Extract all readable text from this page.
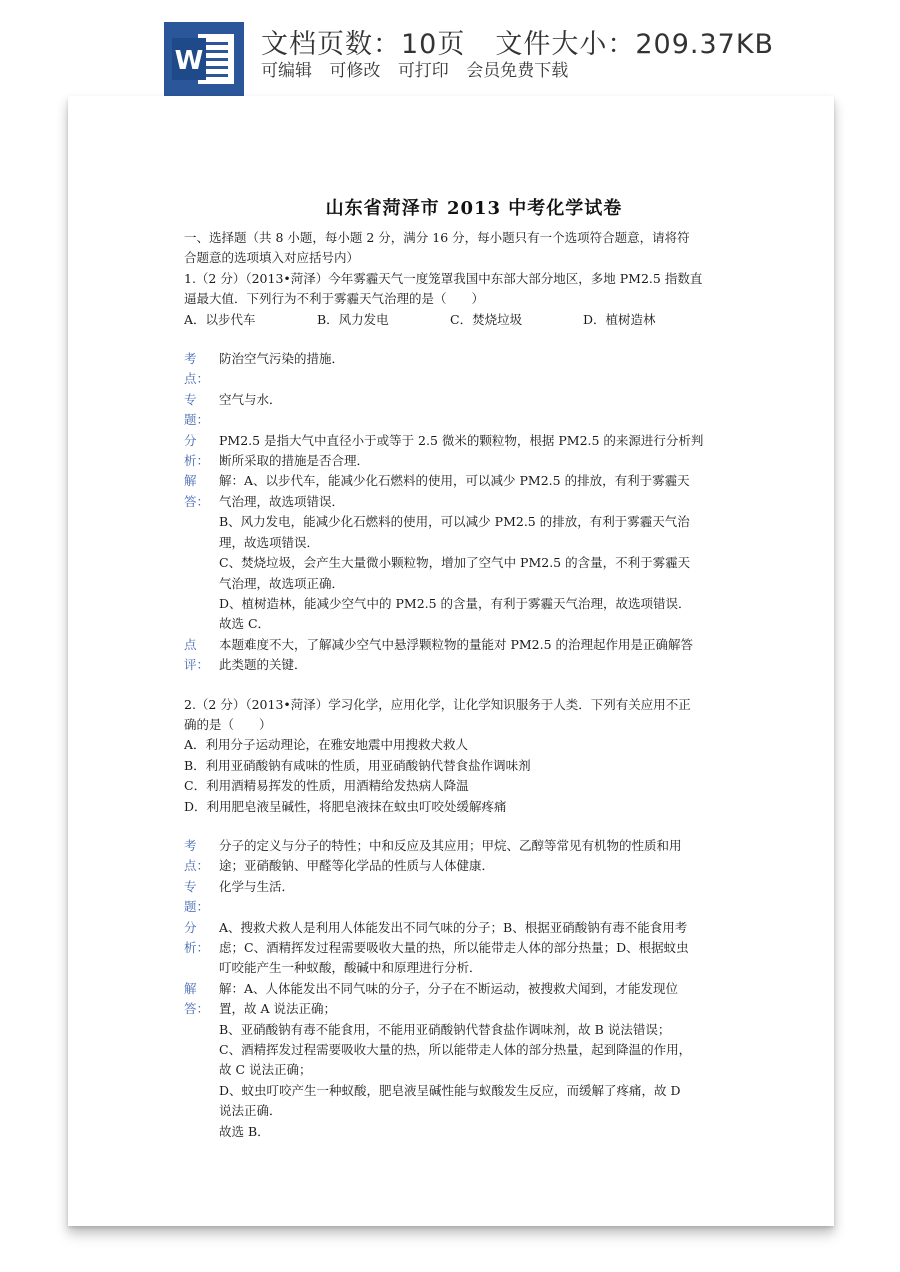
W
文档页数：10页 文件大小：209.37KB
可编辑 可修改 可打印 会员免费下载
山东省菏泽市 2013 中考化学试卷
一、选择题（共 8 小题，每小题 2 分，满分 16 分，每小题只有一个选项符合题意，请将符
合题意的选项填入对应括号内）
1.（2 分）（2013•菏泽）今年雾霾天气一度笼罩我国中东部大部分地区，多地 PM2.5 指数直
逼最大值．下列行为不利于雾霾天气治理的是（　　）
A．以步代车	B．风力发电	C．焚烧垃圾	D．植树造林
考点：
防治空气污染的措施．
专题：
空气与水．
分析：
PM2.5 是指大气中直径小于或等于 2.5 微米的颗粒物，根据 PM2.5 的来源进行分析判
断所采取的措施是否合理．
解答：
解：A、以步代车，能减少化石燃料的使用，可以减少 PM2.5 的排放，有利于雾霾天
气治理，故选项错误．
B、风力发电，能减少化石燃料的使用，可以减少 PM2.5 的排放，有利于雾霾天气治
理，故选项错误．
C、焚烧垃圾，会产生大量微小颗粒物，增加了空气中 PM2.5 的含量，不利于雾霾天
气治理，故选项正确．
D、植树造林，能减少空气中的 PM2.5 的含量，有利于雾霾天气治理，故选项错误．
故选 C．
点评：
本题难度不大，了解减少空气中悬浮颗粒物的量能对 PM2.5 的治理起作用是正确解答
此类题的关键．
2.（2 分）（2013•菏泽）学习化学，应用化学，让化学知识服务于人类．下列有关应用不正
确的是（　　）
A．利用分子运动理论，在雅安地震中用搜救犬救人
B．利用亚硝酸钠有咸味的性质，用亚硝酸钠代替食盐作调味剂
C．利用酒精易挥发的性质，用酒精给发热病人降温
D．利用肥皂液呈碱性，将肥皂液抹在蚊虫叮咬处缓解疼痛
考点：
分子的定义与分子的特性；中和反应及其应用；甲烷、乙醇等常见有机物的性质和用
途；亚硝酸钠、甲醛等化学品的性质与人体健康．
专题：
化学与生活．
分析：
A、搜救犬救人是利用人体能发出不同气味的分子；B、根据亚硝酸钠有毒不能食用考
虑；C、酒精挥发过程需要吸收大量的热，所以能带走人体的部分热量；D、根据蚊虫
叮咬能产生一种蚁酸，酸碱中和原理进行分析．
解答：
解：A、人体能发出不同气味的分子，分子在不断运动，被搜救犬闻到，才能发现位
置，故 A 说法正确；
B、亚硝酸钠有毒不能食用，不能用亚硝酸钠代替食盐作调味剂，故 B 说法错误；
C、酒精挥发过程需要吸收大量的热，所以能带走人体的部分热量，起到降温的作用，
故 C 说法正确；
D、蚊虫叮咬产生一种蚁酸，肥皂液呈碱性能与蚁酸发生反应，而缓解了疼痛，故 D
说法正确．
故选 B．
